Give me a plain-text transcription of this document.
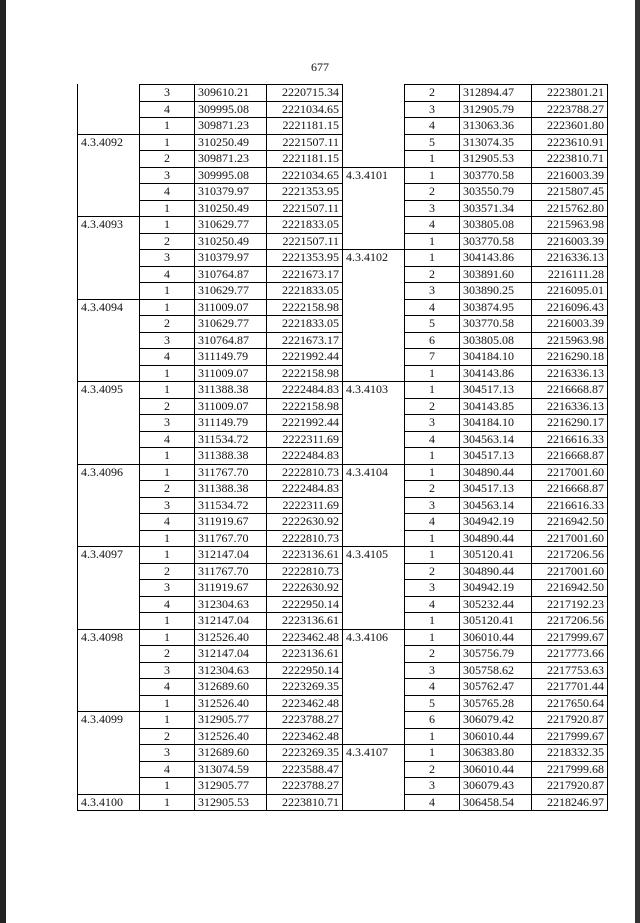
677
	3	309610.21	2220715.34
	4	309995.08	2221034.65
	1	309871.23	2221181.15
4.3.4092	1	310250.49	2221507.11
	2	309871.23	2221181.15
	3	309995.08	2221034.65
	4	310379.97	2221353.95
	1	310250.49	2221507.11
4.3.4093	1	310629.77	2221833.05
	2	310250.49	2221507.11
	3	310379.97	2221353.95
	4	310764.87	2221673.17
	1	310629.77	2221833.05
4.3.4094	1	311009.07	2222158.98
	2	310629.77	2221833.05
	3	310764.87	2221673.17
	4	311149.79	2221992.44
	1	311009.07	2222158.98
4.3.4095	1	311388.38	2222484.83
	2	311009.07	2222158.98
	3	311149.79	2221992.44
	4	311534.72	2222311.69
	1	311388.38	2222484.83
4.3.4096	1	311767.70	2222810.73
	2	311388.38	2222484.83
	3	311534.72	2222311.69
	4	311919.67	2222630.92
	1	311767.70	2222810.73
4.3.4097	1	312147.04	2223136.61
	2	311767.70	2222810.73
	3	311919.67	2222630.92
	4	312304.63	2222950.14
	1	312147.04	2223136.61
4.3.4098	1	312526.40	2223462.48
	2	312147.04	2223136.61
	3	312304.63	2222950.14
	4	312689.60	2223269.35
	1	312526.40	2223462.48
4.3.4099	1	312905.77	2223788.27
	2	312526.40	2223462.48
	3	312689.60	2223269.35
	4	313074.59	2223588.47
	1	312905.77	2223788.27
4.3.4100	1	312905.53	2223810.71
	2	312894.47	2223801.21
	3	312905.79	2223788.27
	4	313063.36	2223601.80
	5	313074.35	2223610.91
	1	312905.53	2223810.71
4.3.4101	1	303770.58	2216003.39
	2	303550.79	2215807.45
	3	303571.34	2215762.80
	4	303805.08	2215963.98
	1	303770.58	2216003.39
4.3.4102	1	304143.86	2216336.13
	2	303891.60	2216111.28
	3	303890.25	2216095.01
	4	303874.95	2216096.43
	5	303770.58	2216003.39
	6	303805.08	2215963.98
	7	304184.10	2216290.18
	1	304143.86	2216336.13
4.3.4103	1	304517.13	2216668.87
	2	304143.85	2216336.13
	3	304184.10	2216290.17
	4	304563.14	2216616.33
	1	304517.13	2216668.87
4.3.4104	1	304890.44	2217001.60
	2	304517.13	2216668.87
	3	304563.14	2216616.33
	4	304942.19	2216942.50
	1	304890.44	2217001.60
4.3.4105	1	305120.41	2217206.56
	2	304890.44	2217001.60
	3	304942.19	2216942.50
	4	305232.44	2217192.23
	1	305120.41	2217206.56
4.3.4106	1	306010.44	2217999.67
	2	305756.79	2217773.66
	3	305758.62	2217753.63
	4	305762.47	2217701.44
	5	305765.28	2217650.64
	6	306079.42	2217920.87
	1	306010.44	2217999.67
4.3.4107	1	306383.80	2218332.35
	2	306010.44	2217999.68
	3	306079.43	2217920.87
	4	306458.54	2218246.97
